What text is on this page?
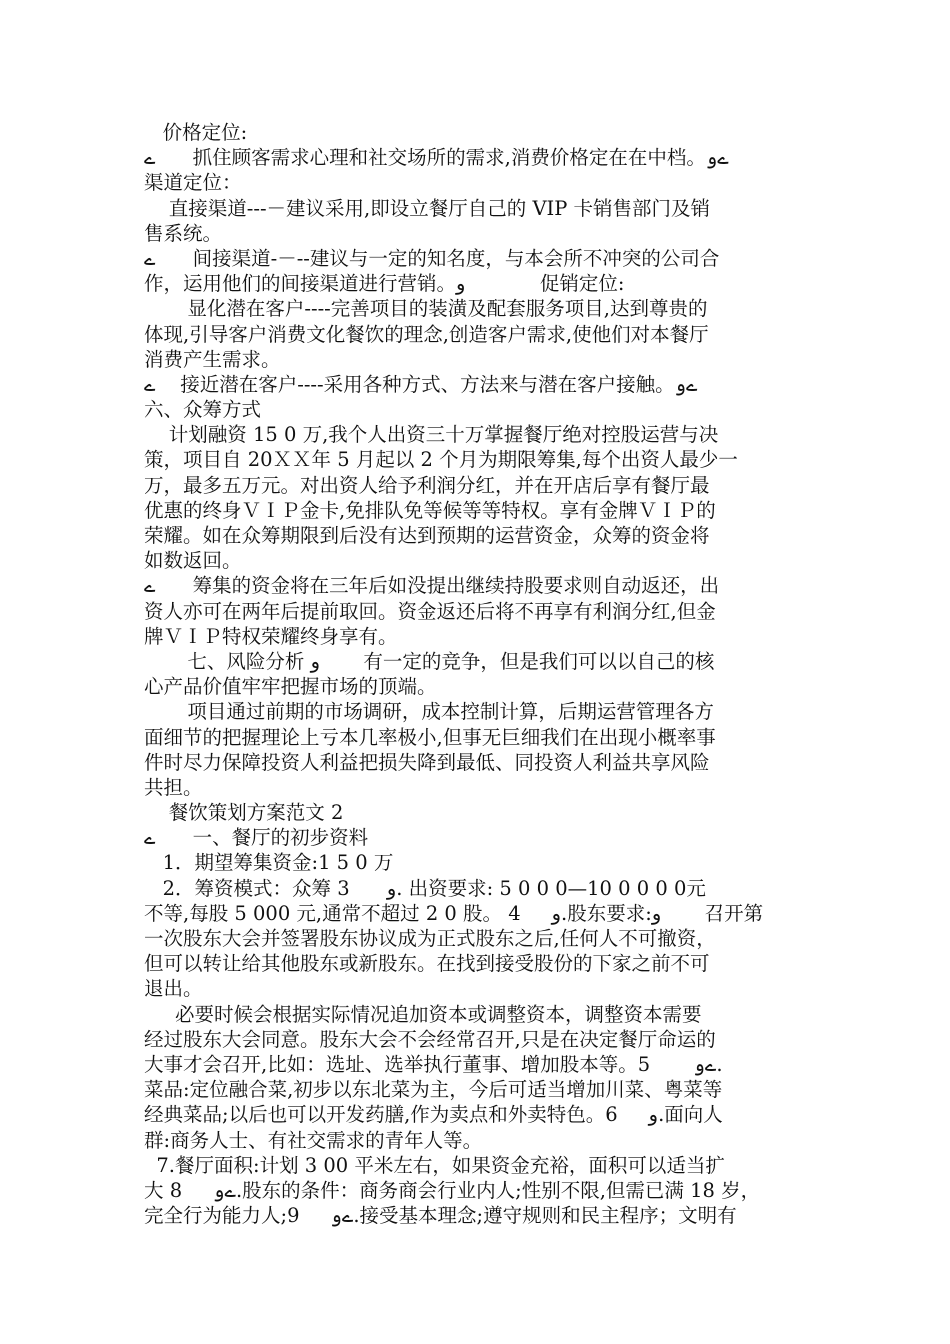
价格定位:
ے      抓住顾客需求心理和社交场所的需求,消费价格定在在中档。ےو
渠道定位：
直接渠道---－建议采用,即设立餐厅自己的 VIP 卡销售部门及销
售系统。
ے      间接渠道-－--建议与一定的知名度，与本会所不冲突的公司合
作，运用他们的间接渠道进行营销。و            促销定位:
显化潜在客户----完善项目的装潢及配套服务项目,达到尊贵的
体现,引导客户消费文化餐饮的理念,创造客户需求,使他们对本餐厅
消费产生需求。
ے    接近潜在客户----采用各种方式、方法来与潜在客户接触。ےو
六、众筹方式
计划融资 15 0 万,我个人出资三十万掌握餐厅绝对控股运营与决
策，项目自 20ＸＸ年 5 月起以 2 个月为期限筹集,每个出资人最少一
万，最多五万元。对出资人给予利润分红，并在开店后享有餐厅最
优惠的终身ＶＩＰ金卡,免排队免等候等等特权。享有金牌ＶＩＰ的
荣耀。如在众筹期限到后没有达到预期的运营资金，众筹的资金将
如数返回。
ے      筹集的资金将在三年后如没提出继续持股要求则自动返还，出
资人亦可在两年后提前取回。资金返还后将不再享有利润分红,但金
牌ＶＩＰ特权荣耀终身享有。
七、风险分析 و       有一定的竞争，但是我们可以以自己的核
心产品价值牢牢把握市场的顶端。
项目通过前期的市场调研，成本控制计算，后期运营管理各方
面细节的把握理论上亏本几率极小,但事无巨细我们在出现小概率事
件时尽力保障投资人利益把损失降到最低、同投资人利益共享风险
共担。
餐饮策划方案范文 2
ے      一、餐厅的初步资料
1．期望筹集资金:1 5 0 万
2．筹资模式：众筹 3      و. 出资要求: 5 0 0 0—10 0 0 0 0元
不等,每股 5 000 元,通常不超过 2 0 股。 4     و.股东要求:و       召开第
一次股东大会并签署股东协议成为正式股东之后,任何人不可撤资，
但可以转让给其他股东或新股东。在找到接受股份的下家之前不可
退出。
必要时候会根据实际情况追加资本或调整资本，调整资本需要
经过股东大会同意。股东大会不会经常召开,只是在决定餐厅命运的
大事才会召开,比如：选址、选举执行董事、增加股本等。5       ےو.
菜品:定位融合菜,初步以东北菜为主，今后可适当增加川菜、粤菜等
经典菜品;以后也可以开发药膳,作为卖点和外卖特色。6     و.面向人
群:商务人士、有社交需求的青年人等。
7.餐厅面积:计划 3 00 平米左右，如果资金充裕，面积可以适当扩
大 8     ےو.股东的条件：商务商会行业内人;性别不限,但需已满 18 岁，
完全行为能力人;9     ےو.接受基本理念;遵守规则和民主程序；文明有
